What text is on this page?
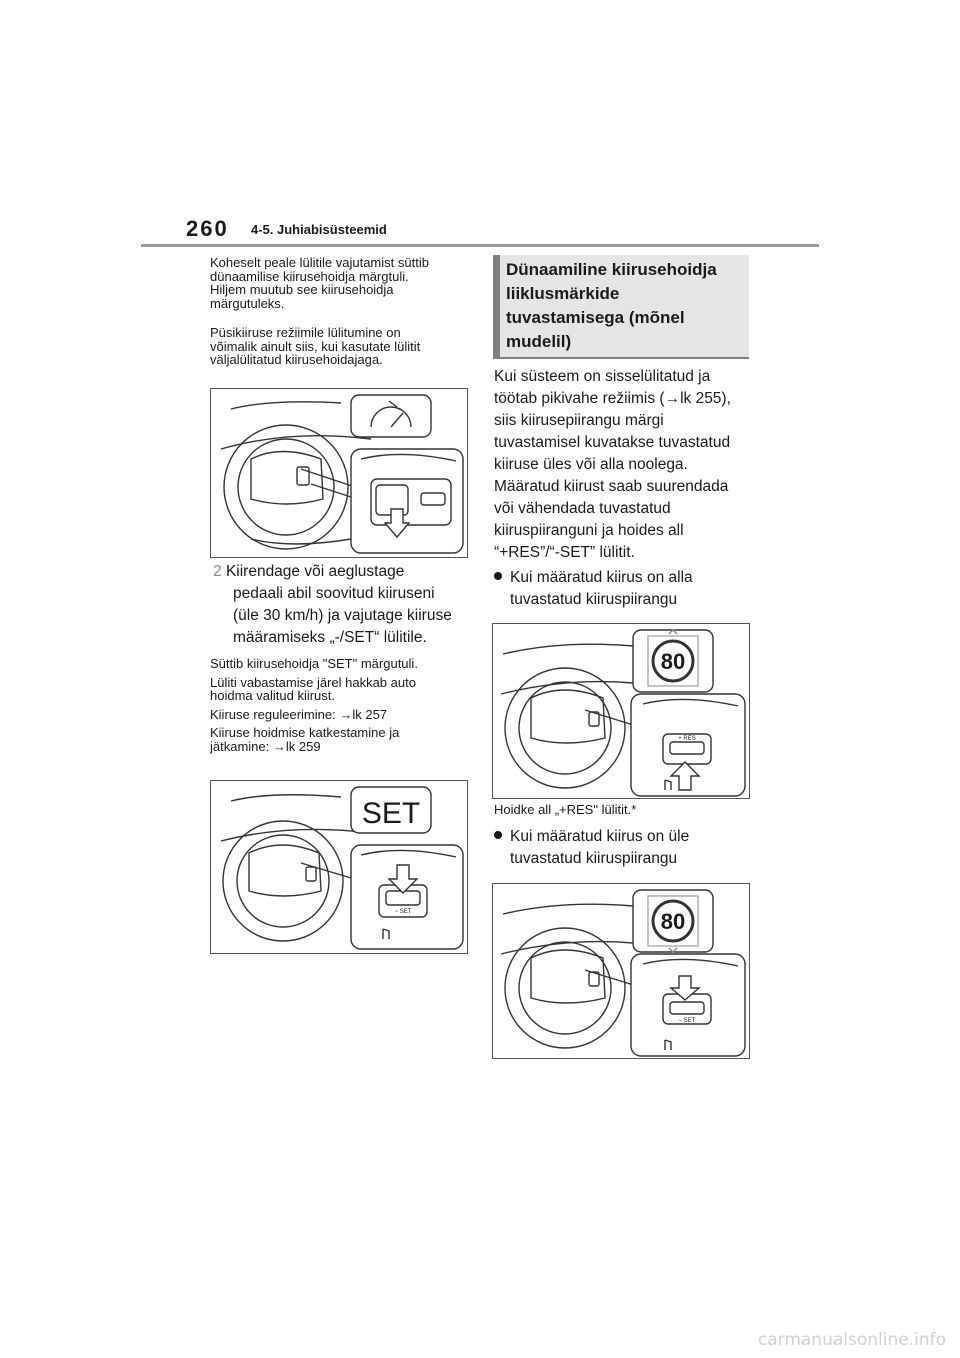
260 4-5. Juhiabisüsteemid
Koheselt peale lülitile vajutamist süttib
dünaamilise kiirusehoidja märgtuli.
Hiljem muutub see kiirusehoidja
märgutuleks.
Püsikiiruse režiimile lülitumine on
võimalik ainult siis, kui kasutate lülitit
väljalülitatud kiirusehoidajaga.
2 Kiirendage või aeglustage
pedaali abil soovitud kiiruseni
(üle 30 km/h) ja vajutage kiiruse
määramiseks „-/SET“ lülitile.
Süttib kiirusehoidja "SET" märgutuli.
Lüliti vabastamise järel hakkab auto
hoidma valitud kiirust.
Kiiruse reguleerimine: →lk 257
Kiiruse hoidmise katkestamine ja
jätkamine: →lk 259
SET
− SET
Dünaamiline kiirusehoidja
liiklusmärkide
tuvastamisega (mõnel
mudelil)
Kui süsteem on sisselülitatud ja
töötab pikivahe režiimis (→lk 255),
siis kiirusepiirangu märgi
tuvastamisel kuvatakse tuvastatud
kiiruse üles või alla noolega.
Määratud kiirust saab suurendada
või vähendada tuvastatud
kiiruspiiranguni ja hoides all
“+RES”/“-SET” lülitit.
Kui määratud kiirus on alla
tuvastatud kiiruspiirangu
80
+ RES
Hoidke all „+RES" lülitit.*
Kui määratud kiirus on üle
tuvastatud kiiruspiirangu
80
− SET
carmanualsonline.info
